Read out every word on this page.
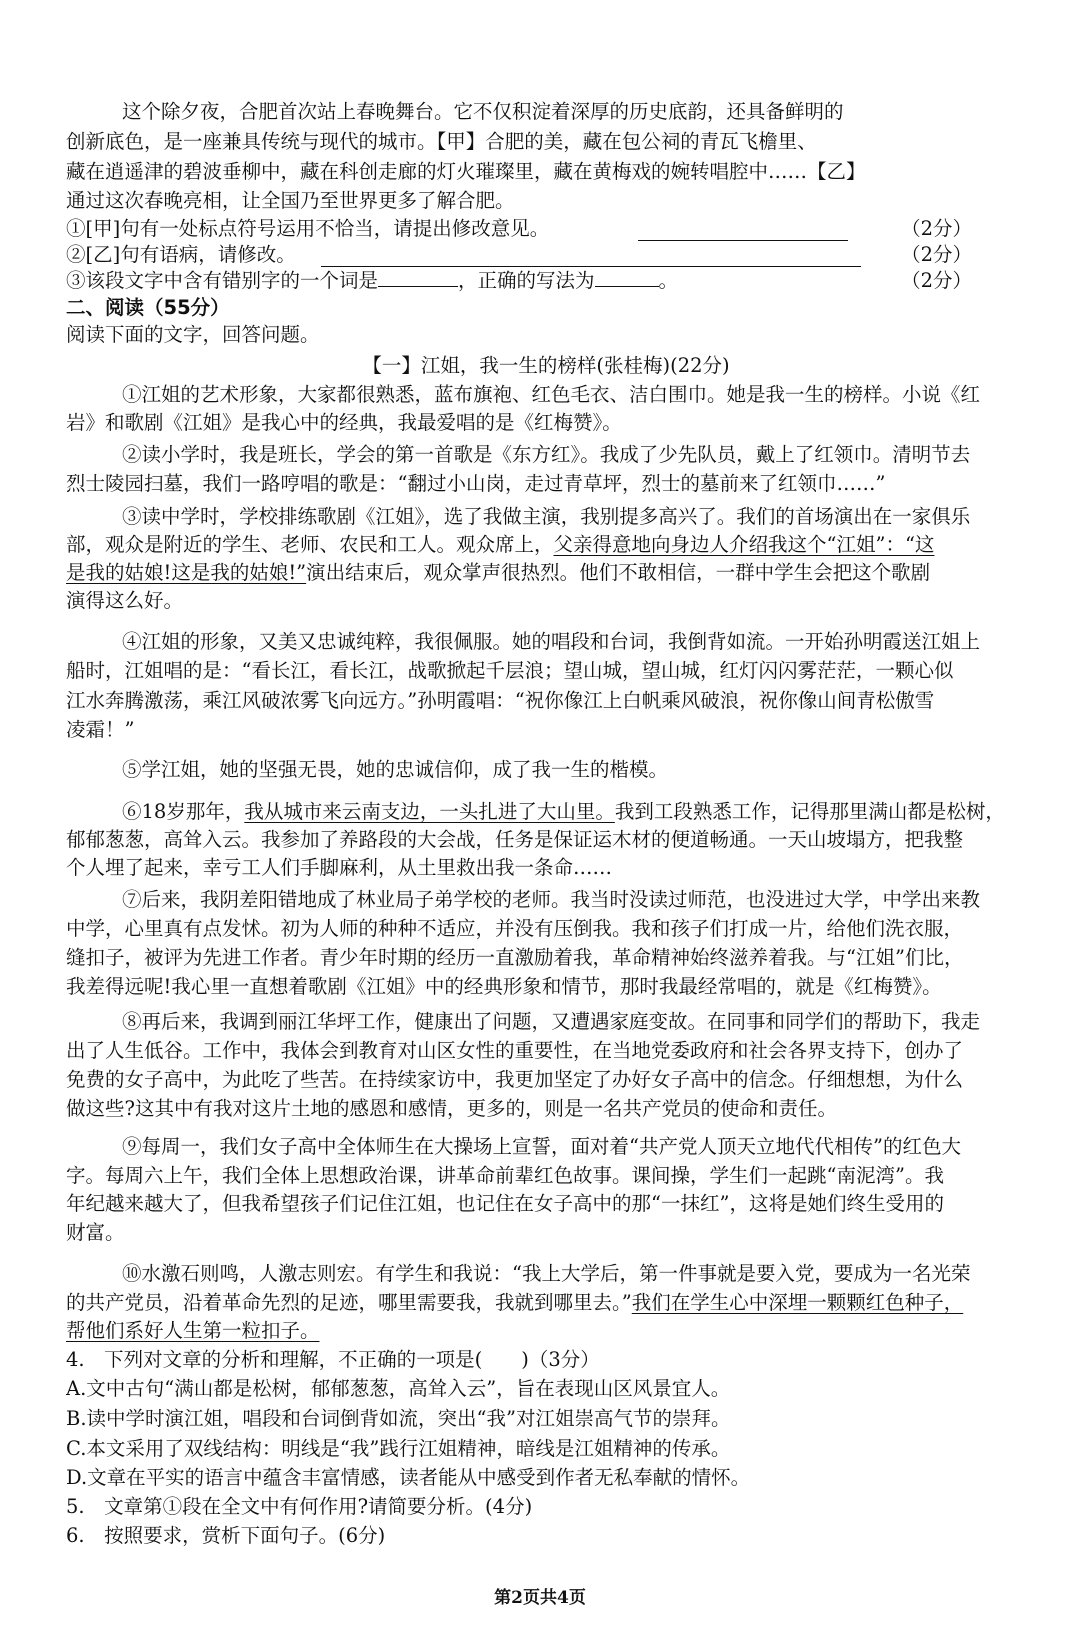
这个除夕夜，合肥首次站上春晚舞台。它不仅积淀着深厚的历史底韵，还具备鲜明的
创新底色，是一座兼具传统与现代的城市。【甲】合肥的美，藏在包公祠的青瓦飞檐里、
藏在逍遥津的碧波垂柳中，藏在科创走廊的灯火璀璨里，藏在黄梅戏的婉转唱腔中……【乙】
通过这次春晚亮相，让全国乃至世界更多了解合肥。
①[甲]句有一处标点符号运用不恰当，请提出修改意见。	（2分）
②[乙]句有语病，请修改。	（2分）
③该段文字中含有错别字的一个词是	，正确的写法为	。	（2分）
二、阅读（55分）
阅读下面的文字，回答问题。
【一】江姐，我一生的榜样(张桂梅)(22分)
①江姐的艺术形象，大家都很熟悉，蓝布旗袍、红色毛衣、洁白围巾。她是我一生的榜样。小说《红
岩》和歌剧《江姐》是我心中的经典，我最爱唱的是《红梅赞》。
②读小学时，我是班长，学会的第一首歌是《东方红》。我成了少先队员，戴上了红领巾。清明节去
烈士陵园扫墓，我们一路哼唱的歌是：“翻过小山岗，走过青草坪，烈士的墓前来了红领巾……”
③读中学时，学校排练歌剧《江姐》，选了我做主演，我别提多高兴了。我们的首场演出在一家俱乐
部，观众是附近的学生、老师、农民和工人。观众席上，父亲得意地向身边人介绍我这个“江姐”：“这
是我的姑娘!这是我的姑娘!”演出结束后，观众掌声很热烈。他们不敢相信，一群中学生会把这个歌剧
演得这么好。
④江姐的形象，又美又忠诚纯粹，我很佩服。她的唱段和台词，我倒背如流。一开始孙明霞送江姐上
船时，江姐唱的是：“看长江，看长江，战歌掀起千层浪；望山城，望山城，红灯闪闪雾茫茫，一颗心似
江水奔腾激荡，乘江风破浓雾飞向远方。”孙明霞唱：“祝你像江上白帆乘风破浪，祝你像山间青松傲雪
凌霜！”
⑤学江姐，她的坚强无畏，她的忠诚信仰，成了我一生的楷模。
⑥18岁那年，我从城市来云南支边，一头扎进了大山里。我到工段熟悉工作，记得那里满山都是松树，
郁郁葱葱，高耸入云。我参加了养路段的大会战，任务是保证运木材的便道畅通。一天山坡塌方，把我整
个人埋了起来，幸亏工人们手脚麻利，从土里救出我一条命……
⑦后来，我阴差阳错地成了林业局子弟学校的老师。我当时没读过师范，也没进过大学，中学出来教
中学，心里真有点发怵。初为人师的种种不适应，并没有压倒我。我和孩子们打成一片，给他们洗衣服，
缝扣子，被评为先进工作者。青少年时期的经历一直激励着我，革命精神始终滋养着我。与“江姐”们比，
我差得远呢!我心里一直想着歌剧《江姐》中的经典形象和情节，那时我最经常唱的，就是《红梅赞》。
⑧再后来，我调到丽江华坪工作，健康出了问题，又遭遇家庭变故。在同事和同学们的帮助下，我走
出了人生低谷。工作中，我体会到教育对山区女性的重要性，在当地党委政府和社会各界支持下，创办了
免费的女子高中，为此吃了些苦。在持续家访中，我更加坚定了办好女子高中的信念。仔细想想，为什么
做这些?这其中有我对这片土地的感恩和感情，更多的，则是一名共产党员的使命和责任。
⑨每周一，我们女子高中全体师生在大操场上宣誓，面对着“共产党人顶天立地代代相传”的红色大
字。每周六上午，我们全体上思想政治课，讲革命前辈红色故事。课间操，学生们一起跳“南泥湾”。我
年纪越来越大了，但我希望孩子们记住江姐，也记住在女子高中的那“一抹红”，这将是她们终生受用的
财富。
⑩水激石则鸣，人激志则宏。有学生和我说：“我上大学后，第一件事就是要入党，要成为一名光荣
的共产党员，沿着革命先烈的足迹，哪里需要我，我就到哪里去。”我们在学生心中深埋一颗颗红色种子，
帮他们系好人生第一粒扣子。
4.　下列对文章的分析和理解，不正确的一项是(　　)（3分）
A.文中古句“满山都是松树，郁郁葱葱，高耸入云”，旨在表现山区风景宜人。
B.读中学时演江姐，唱段和台词倒背如流，突出“我”对江姐崇高气节的崇拜。
C.本文采用了双线结构：明线是“我”践行江姐精神，暗线是江姐精神的传承。
D.文章在平实的语言中蕴含丰富情感，读者能从中感受到作者无私奉献的情怀。
5.　文章第①段在全文中有何作用?请简要分析。(4分)
6.　按照要求，赏析下面句子。(6分)
第2页共4页
